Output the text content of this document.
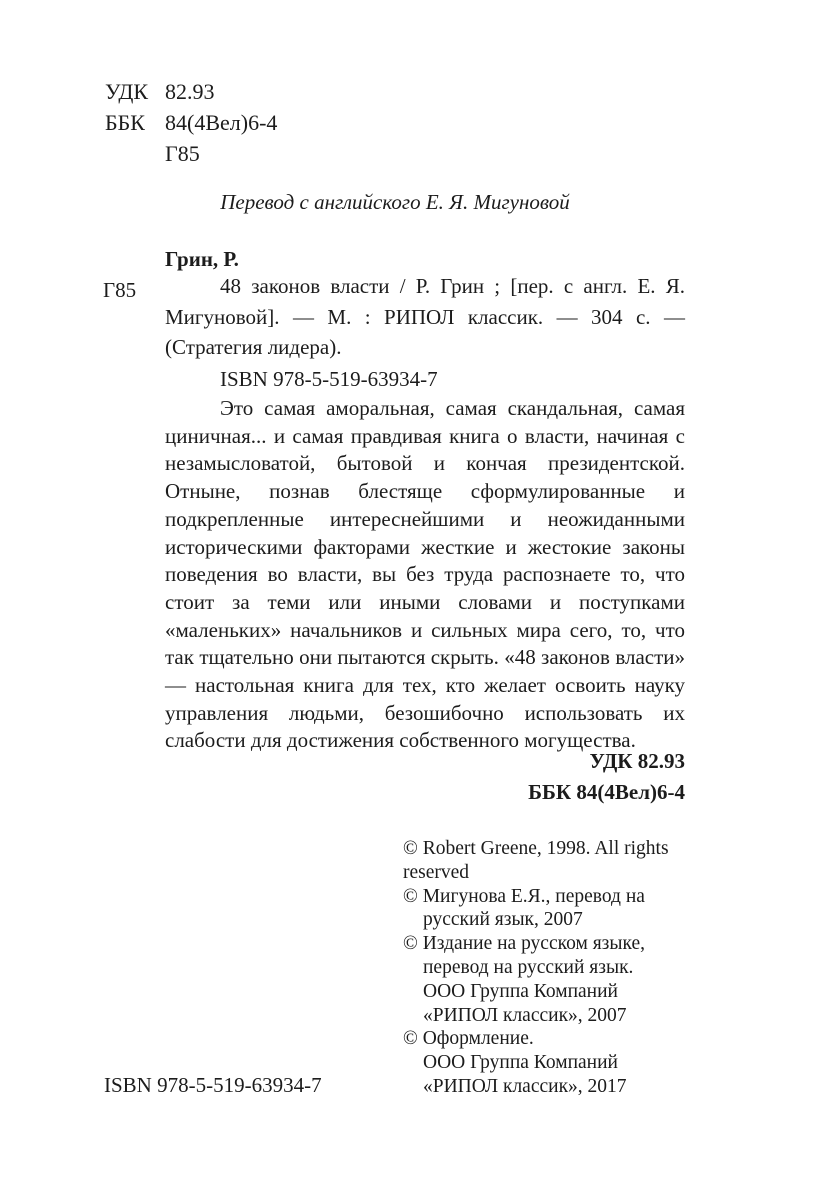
УДК 82.93
ББК 84(4Вел)6-4
Г85
Перевод с английского Е. Я. Мигуновой
Грин, Р.
Г85	48 законов власти / Р. Грин ; [пер. с англ. Е. Я. Мигуновой]. — М. : РИПОЛ классик. — 304 с. — (Стратегия лидера).
ISBN 978-5-519-63934-7
Это самая аморальная, самая скандальная, самая циничная... и самая правдивая книга о власти, начиная с незамысловатой, бытовой и кончая президентской. Отныне, познав блестяще сформулированные и подкрепленные интереснейшими и неожиданными историческими факторами жесткие и жестокие законы поведения во власти, вы без труда распознаете то, что стоит за теми или иными словами и поступками «маленьких» начальников и сильных мира сего, то, что так тщательно они пытаются скрыть. «48 законов власти» — настольная книга для тех, кто желает освоить науку управления людьми, безошибочно использовать их слабости для достижения собственного могущества.
УДК 82.93
ББК 84(4Вел)6-4
© Robert Greene, 1998. All rights
reserved
© Мигунова Е.Я., перевод на
русский язык, 2007
© Издание на русском языке,
перевод на русский язык.
ООО Группа Компаний
«РИПОЛ классик», 2007
© Оформление.
ООО Группа Компаний
«РИПОЛ классик», 2017
ISBN 978-5-519-63934-7
